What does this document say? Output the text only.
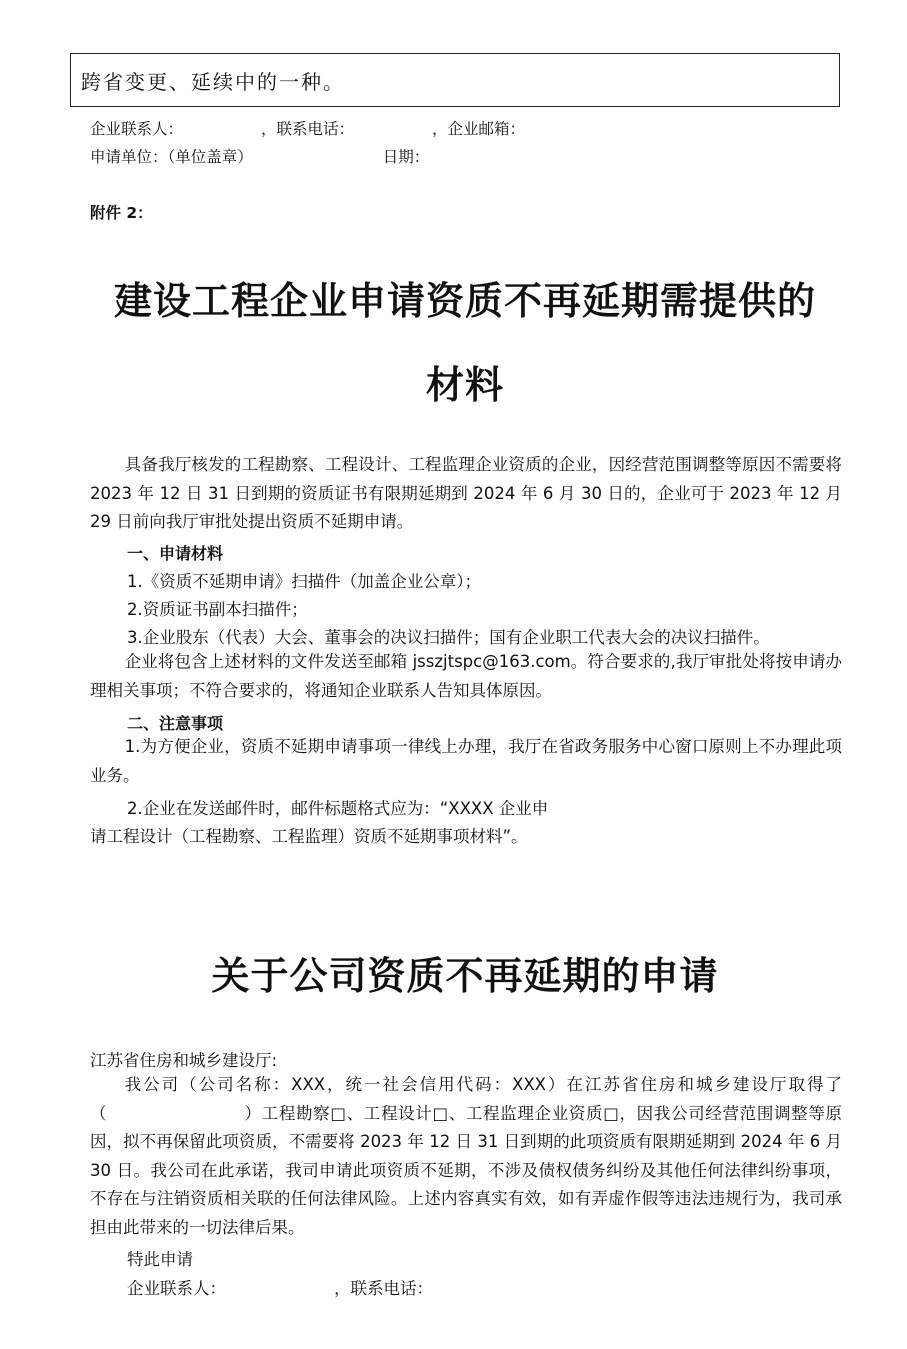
跨省变更、延续中的一种。
企业联系人：	，联系电话：	，企业邮箱：
申请单位：（单位盖章）	日期：
附件 2：
建设工程企业申请资质不再延期需提供的
材料
具备我厅核发的工程勘察、工程设计、工程监理企业资质的企业，因经营范围调整等原因不需要将 2023 年 12 日 31 日到期的资质证书有限期延期到 2024 年 6 月 30 日的，企业可于 2023 年 12 月 29 日前向我厅审批处提出资质不延期申请。
一、申请材料
1.《资质不延期申请》扫描件（加盖企业公章）；
2.资质证书副本扫描件；
3.企业股东（代表）大会、董事会的决议扫描件；国有企业职工代表大会的决议扫描件。
企业将包含上述材料的文件发送至邮箱 jsszjtspc@163.com。符合要求的,我厅审批处将按申请办理相关事项；不符合要求的，将通知企业联系人告知具体原因。
二、注意事项
1.为方便企业，资质不延期申请事项一律线上办理，我厅在省政务服务中心窗口原则上不办理此项业务。
2.企业在发送邮件时，邮件标题格式应为：“XXXX 企业申
请工程设计（工程勘察、工程监理）资质不延期事项材料”。
关于公司资质不再延期的申请
江苏省住房和城乡建设厅:
我公司（公司名称：XXX，统一社会信用代码：XXX）在江苏省住房和城乡建设厅取得了（　　　　　　　　）工程勘察□、工程设计□、工程监理企业资质□，因我公司经营范围调整等原因，拟不再保留此项资质，不需要将 2023 年 12 日 31 日到期的此项资质有限期延期到 2024 年 6 月 30 日。我公司在此承诺，我司申请此项资质不延期，不涉及债权债务纠纷及其他任何法律纠纷事项，不存在与注销资质相关联的任何法律风险。上述内容真实有效，如有弄虚作假等违法违规行为，我司承担由此带来的一切法律后果。
特此申请
企业联系人：	，联系电话：
